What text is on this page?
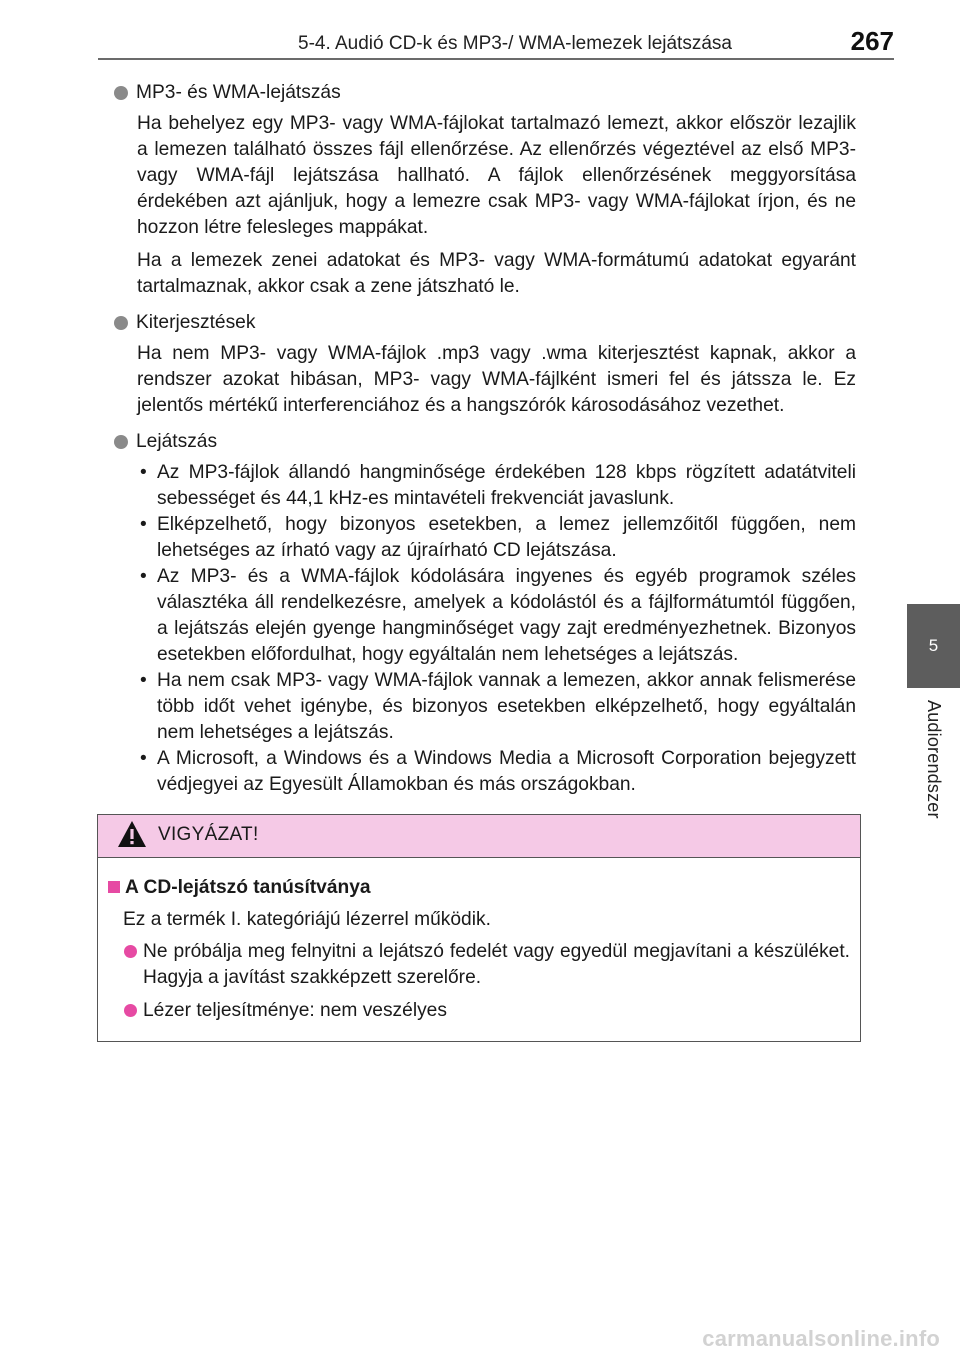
5-4. Audió CD-k és MP3-/ WMA-lemezek lejátszása	267
5
Audiorendszer
MP3- és WMA-lejátszás

Ha behelyez egy MP3- vagy WMA-fájlokat tartalmazó lemezt, akkor először lezajlik a lemezen található összes fájl ellenőrzése. Az ellenőrzés végeztével az első MP3- vagy WMA-fájl lejátszása hallható. A fájlok ellenőrzésének meggyorsítása érdekében azt ajánljuk, hogy a lemezre csak MP3- vagy WMA-fájlokat írjon, és ne hozzon létre felesleges mappákat.

Ha a lemezek zenei adatokat és MP3- vagy WMA-formátumú adatokat egyaránt tartalmaznak, akkor csak a zene játszható le.

Kiterjesztések

Ha nem MP3- vagy WMA-fájlok .mp3 vagy .wma kiterjesztést kapnak, akkor a rendszer azokat hibásan, MP3- vagy WMA-fájlként ismeri fel és játssza le. Ez jelentős mértékű interferenciához és a hangszórók károsodásához vezethet.

Lejátszás
• Az MP3-fájlok állandó hangminősége érdekében 128 kbps rögzített adatátviteli sebességet és 44,1 kHz-es mintavételi frekvenciát javaslunk.
• Elképzelhető, hogy bizonyos esetekben, a lemez jellemzőitől függően, nem lehetséges az írható vagy az újraírható CD lejátszása.
• Az MP3- és a WMA-fájlok kódolására ingyenes és egyéb programok széles választéka áll rendelkezésre, amelyek a kódolástól és a fájlformátumtól függően, a lejátszás elején gyenge hangminőséget vagy zajt eredményezhetnek. Bizonyos esetekben előfordulhat, hogy egyáltalán nem lehetséges a lejátszás.
• Ha nem csak MP3- vagy WMA-fájlok vannak a lemezen, akkor annak felismerése több időt vehet igénybe, és bizonyos esetekben elképzelhető, hogy egyáltalán nem lehetséges a lejátszás.
• A Microsoft, a Windows és a Windows Media a Microsoft Corporation bejegyzett védjegyei az Egyesült Államokban és más országokban.
VIGYÁZAT!
A CD-lejátszó tanúsítványa
Ez a termék I. kategóriájú lézerrel működik.
Ne próbálja meg felnyitni a lejátszó fedelét vagy egyedül megjavítani a készüléket. Hagyja a javítást szakképzett szerelőre.
Lézer teljesítménye: nem veszélyes
carmanualsonline.info
